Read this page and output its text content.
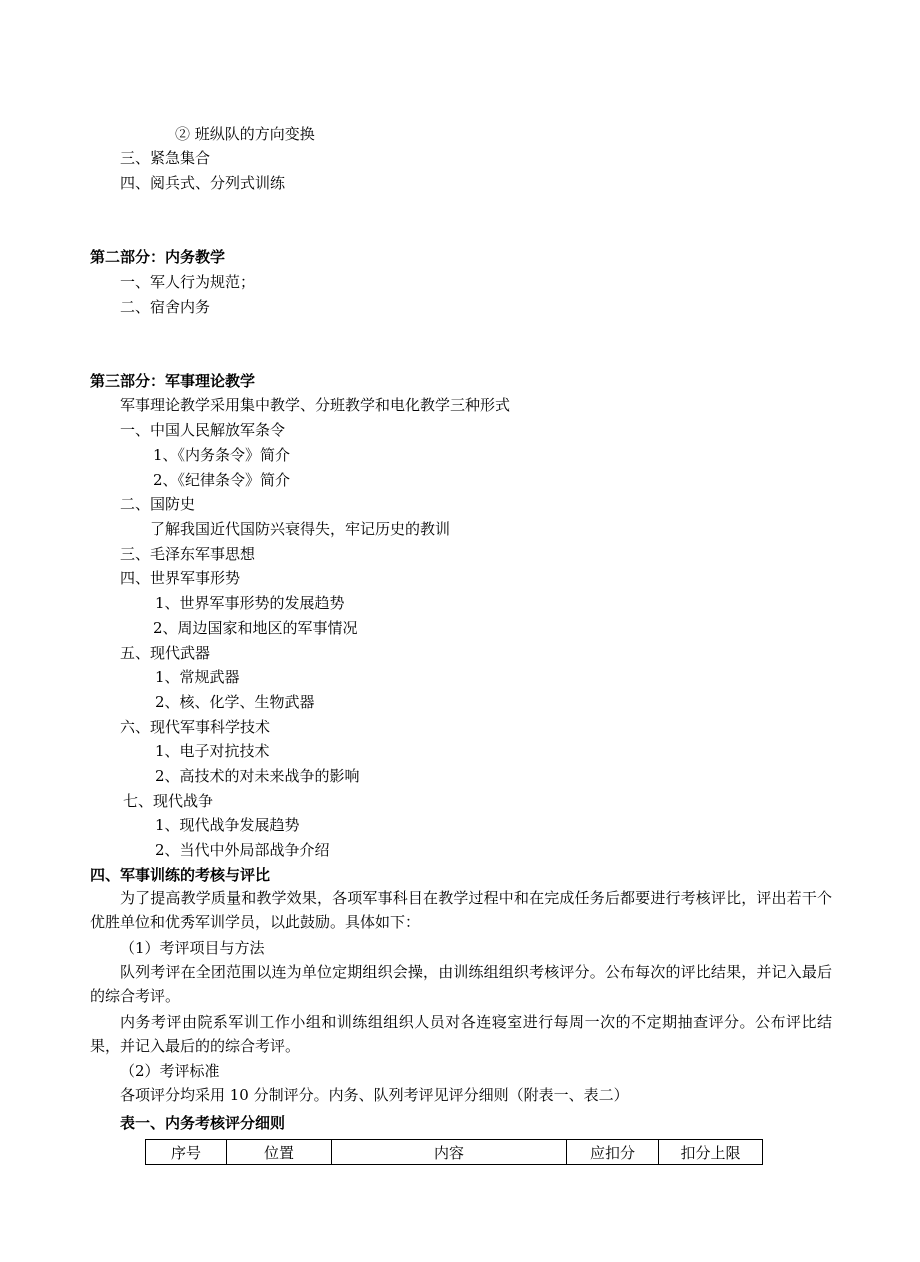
② 班纵队的方向变换
三、紧急集合
四、阅兵式、分列式训练
第二部分：内务教学
一、军人行为规范；
二、宿舍内务
第三部分：军事理论教学
军事理论教学采用集中教学、分班教学和电化教学三种形式
一、中国人民解放军条令
1、《内务条令》简介
2、《纪律条令》简介
二、国防史
了解我国近代国防兴衰得失，牢记历史的教训
三、毛泽东军事思想
四、世界军事形势
1、世界军事形势的发展趋势
2、周边国家和地区的军事情况
五、现代武器
1、常规武器
2、核、化学、生物武器
六、现代军事科学技术
1、电子对抗技术
2、高技术的对未来战争的影响
七、现代战争
1、现代战争发展趋势
2、当代中外局部战争介绍
四、军事训练的考核与评比
为了提高教学质量和教学效果，各项军事科目在教学过程中和在完成任务后都要进行考核评比，评出若干个优胜单位和优秀军训学员，以此鼓励。具体如下：
（1）考评项目与方法
队列考评在全团范围以连为单位定期组织会操，由训练组组织考核评分。公布每次的评比结果，并记入最后的综合考评。
内务考评由院系军训工作小组和训练组组织人员对各连寝室进行每周一次的不定期抽查评分。公布评比结果，并记入最后的的综合考评。
（2）考评标准
各项评分均采用 10 分制评分。内务、队列考评见评分细则（附表一、表二）
表一、内务考核评分细则
序号	位置	内容	应扣分	扣分上限
